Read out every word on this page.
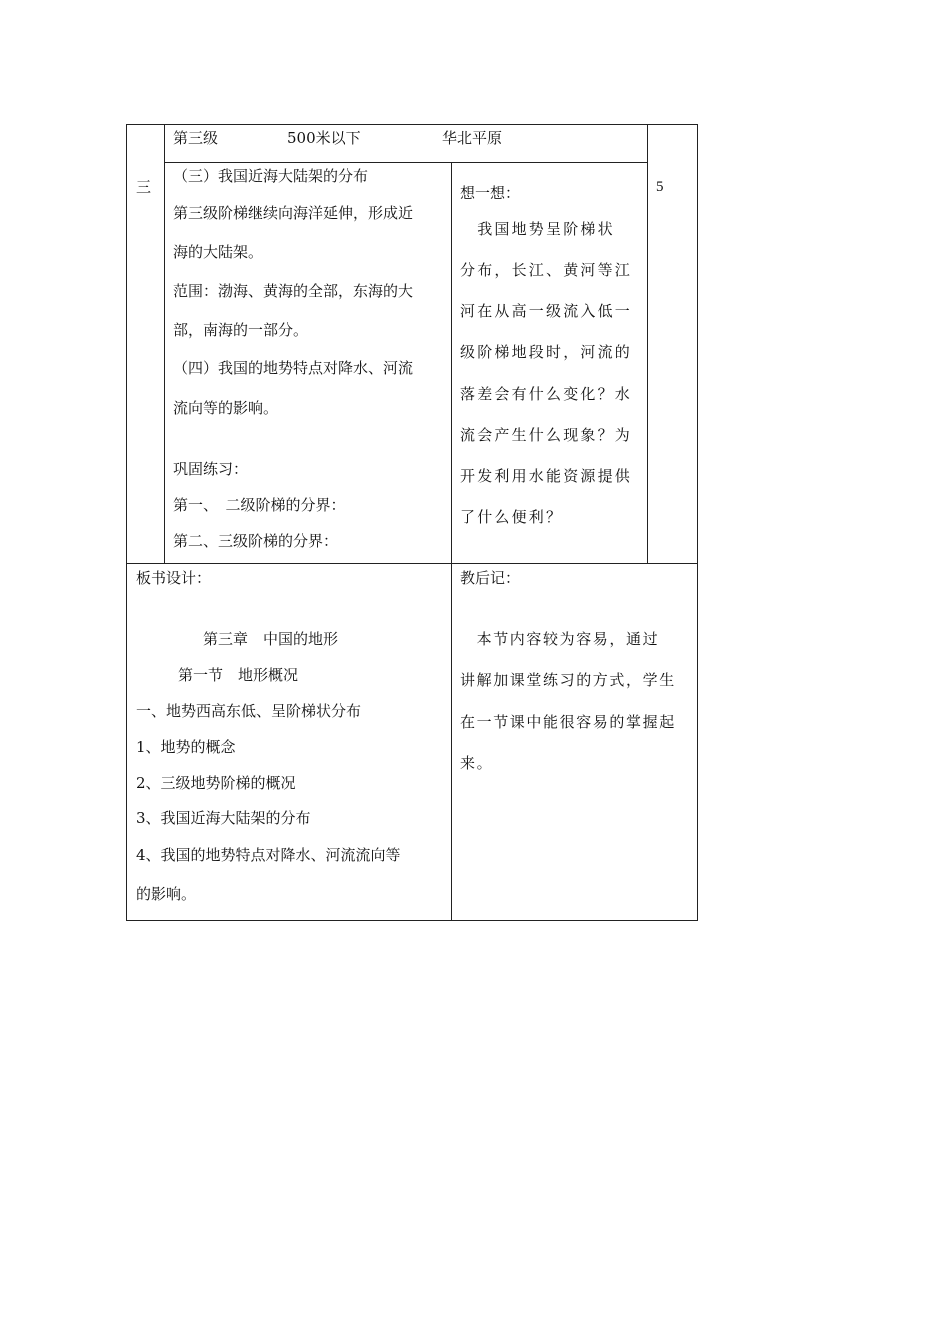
三	5
第三级	500米以下	华北平原
（三）我国近海大陆架的分布
第三级阶梯继续向海洋延伸，形成近
海的大陆架。
范围：渤海、黄海的全部，东海的大
部，南海的一部分。
（四）我国的地势特点对降水、河流
流向等的影响。
巩固练习：
第一、　二级阶梯的分界：
第二、三级阶梯的分界：
想一想：
　我国地势呈阶梯状
分布，长江、黄河等江
河在从高一级流入低一
级阶梯地段时，河流的
落差会有什么变化？水
流会产生什么现象？为
开发利用水能资源提供
了什么便利？
板书设计：
第三章　中国的地形
第一节　地形概况
一、地势西高东低、呈阶梯状分布
1、地势的概念
2、三级地势阶梯的概况
3、我国近海大陆架的分布
4、我国的地势特点对降水、河流流向等
的影响。
教后记：
　本节内容较为容易，通过
讲解加课堂练习的方式，学生
在一节课中能很容易的掌握起
来。
